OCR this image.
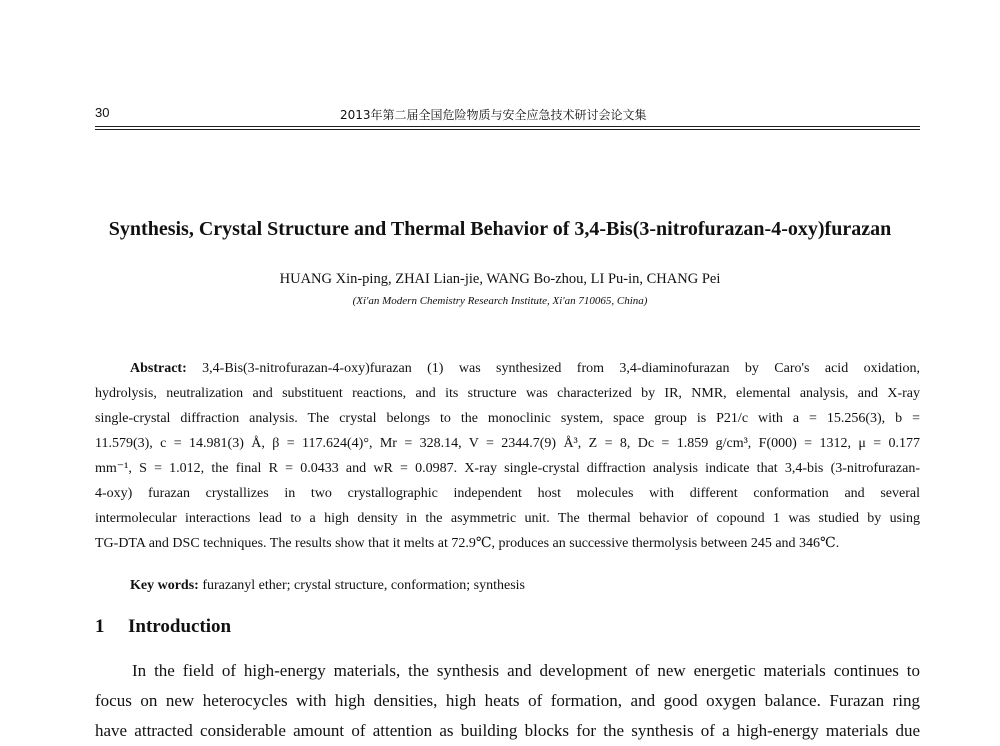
30	2013年第二届全国危险物质与安全应急技术研讨会论文集
Synthesis, Crystal Structure and Thermal Behavior of 3,4-Bis(3-nitrofurazan-4-oxy)furazan
HUANG Xin-ping, ZHAI Lian-jie, WANG Bo-zhou, LI Pu-in, CHANG Pei
(Xi'an Modern Chemistry Research Institute, Xi'an 710065, China)
Abstract: 3,4-Bis(3-nitrofurazan-4-oxy)furazan (1) was synthesized from 3,4-diaminofurazan by Caro's acid oxidation,
hydrolysis, neutralization and substituent reactions, and its structure was characterized by IR, NMR, elemental analysis, and X-ray
single-crystal diffraction analysis. The crystal belongs to the monoclinic system, space group is P21/c with a = 15.256(3), b =
11.579(3), c = 14.981(3) Å, β = 117.624(4)°, Mr = 328.14, V = 2344.7(9) Å³, Z = 8, Dc = 1.859 g/cm³, F(000) = 1312, μ = 0.177
mm⁻¹, S = 1.012, the final R = 0.0433 and wR = 0.0987. X-ray single-crystal diffraction analysis indicate that 3,4-bis (3-nitrofurazan-
4-oxy) furazan crystallizes in two crystallographic independent host molecules with different conformation and several
intermolecular interactions lead to a high density in the asymmetric unit. The thermal behavior of copound 1 was studied by using
TG-DTA and DSC techniques. The results show that it melts at 72.9℃, produces an successive thermolysis between 245 and 346℃.
Key words: furazanyl ether; crystal structure, conformation; synthesis
1 Introduction
In the field of high-energy materials, the synthesis and development of new energetic materials continues to
focus on new heterocycles with high densities, high heats of formation, and good oxygen balance. Furazan ring
have attracted considerable amount of attention as building blocks for the synthesis of a high-energy materials due
